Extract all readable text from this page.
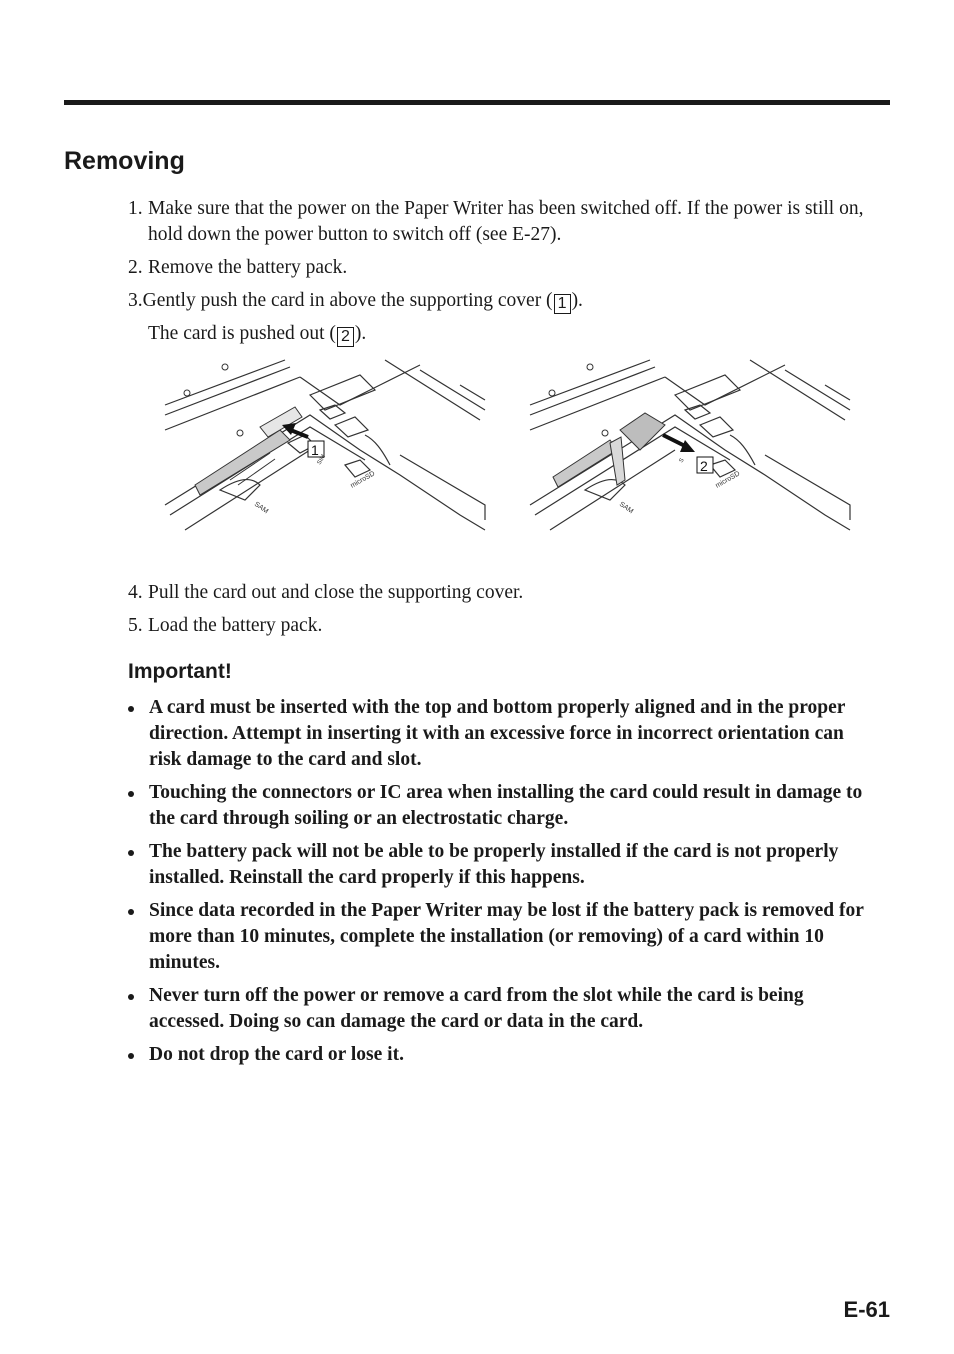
Removing
1. Make sure that the power on the Paper Writer has been switched off. If the power is still on, hold down the power button to switch off (see E-27).
2. Remove the battery pack.
3.Gently push the card in above the supporting cover ( 1 ).
The card is pushed out ( 2 ).
1
SAM
microSD
SIM	2
SAM
microSD
S
4. Pull the card out and close the supporting cover.
5. Load the battery pack.
Important!
A card must be inserted with the top and bottom properly aligned and in the proper direction. Attempt in inserting it with an excessive force in incorrect orientation can risk damage to the card and slot.
Touching the connectors or IC area when installing the card could result in damage to the card through soiling or an electrostatic charge.
The battery pack will not be able to be properly installed if the card is not properly installed. Reinstall the card properly if this happens.
Since data recorded in the Paper Writer may be lost if the battery pack is removed for more than 10 minutes, complete the installation (or removing) of a card within 10 minutes.
Never turn off the power or remove a card from the slot while the card is being accessed. Doing so can damage the card or data in the card.
Do not drop the card or lose it.
E-61
